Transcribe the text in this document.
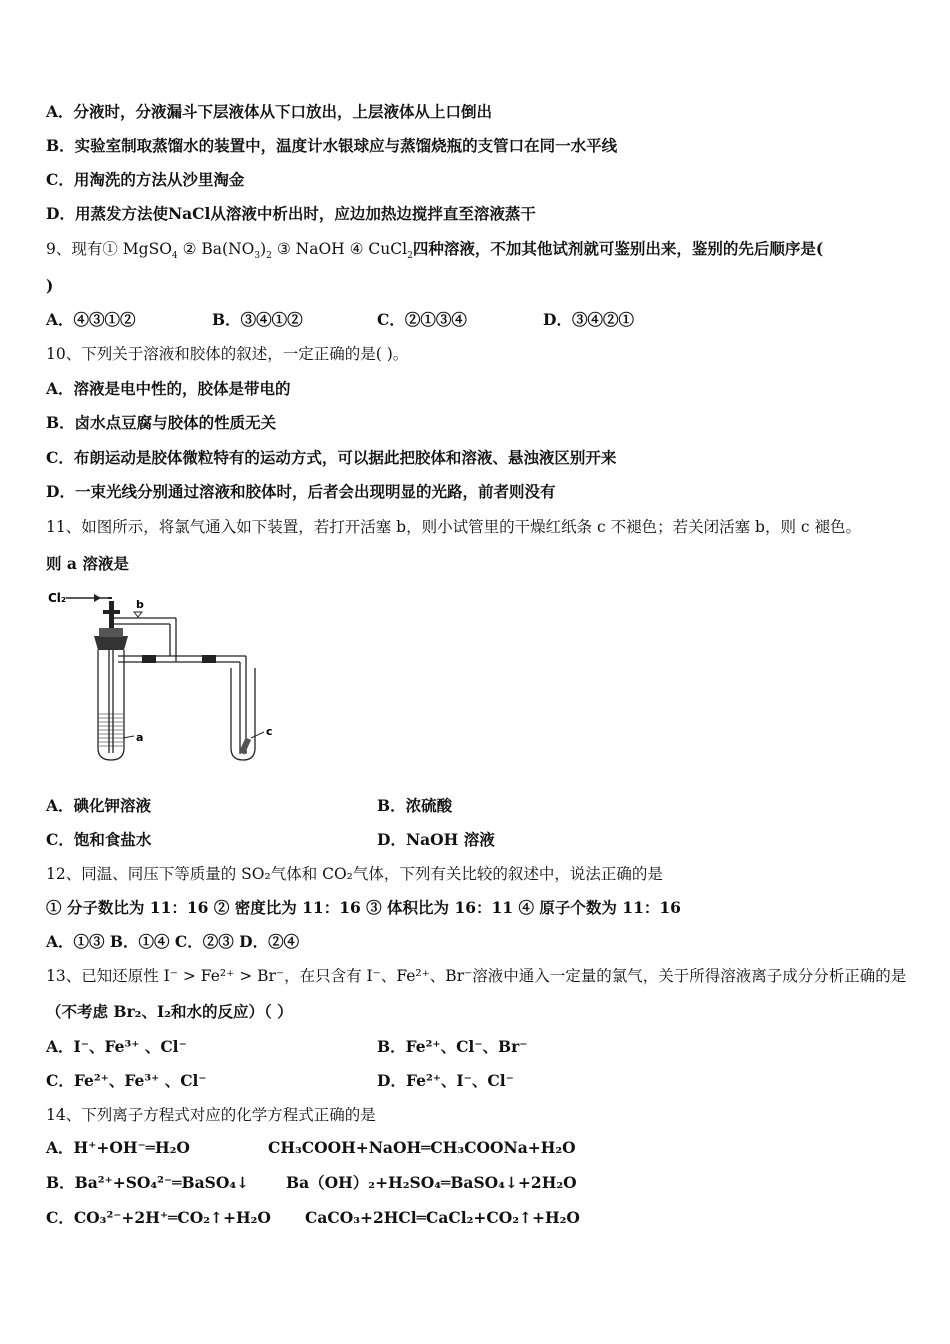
A．分液时，分液漏斗下层液体从下口放出，上层液体从上口倒出
B．实验室制取蒸馏水的装置中，温度计水银球应与蒸馏烧瓶的支管口在同一水平线
C．用淘洗的方法从沙里淘金
D．用蒸发方法使NaCl从溶液中析出时，应边加热边搅拌直至溶液蒸干
9、现有① MgSO$_4$ ② $Ba(NO_3)_2$ ③ NaOH ④ CuCl$_2$四种溶液，不加其他试剂就可鉴别出来，鉴别的先后顺序是(
)
A．④③①②	B．③④①②	C．②①③④	D．③④②①
10、下列关于溶液和胶体的叙述，一定正确的是( )。
A．溶液是电中性的，胶体是带电的
B．卤水点豆腐与胶体的性质无关
C．布朗运动是胶体微粒特有的运动方式，可以据此把胶体和溶液、悬浊液区别开来
D．一束光线分别通过溶液和胶体时，后者会出现明显的光路，前者则没有
11、如图所示，将氯气通入如下装置，若打开活塞 b，则小试管里的干燥红纸条 c 不褪色；若关闭活塞 b，则 c 褪色。
则 a 溶液是
Cl₂	b
a	c
A．碘化钾溶液	B．浓硫酸
C．饱和食盐水	D．NaOH 溶液
12、同温、同压下等质量的 SO₂气体和 CO₂气体，下列有关比较的叙述中，说法正确的是
① 分子数比为 11：16 ② 密度比为 11：16 ③ 体积比为 16：11 ④ 原子个数为 11：16
A．①③ B．①④ C．②③ D．②④
13、已知还原性 I⁻ > Fe²⁺ > Br⁻，在只含有 I⁻、Fe²⁺、Br⁻溶液中通入一定量的氯气，关于所得溶液离子成分分析正确的是
（不考虑 Br₂、I₂和水的反应）（ ）
A．I⁻、Fe³⁺ 、Cl⁻	B．Fe²⁺、Cl⁻、Br⁻
C．Fe²⁺、Fe³⁺ 、Cl⁻	D．Fe²⁺、I⁻、Cl⁻
14、下列离子方程式对应的化学方程式正确的是
A．H⁺+OH⁻═H₂O	CH₃COOH+NaOH═CH₃COONa+H₂O
B．Ba²⁺+SO₄²⁻═BaSO₄↓ Ba（OH）₂+H₂SO₄═BaSO₄↓+2H₂O
C．CO₃²⁻+2H⁺═CO₂↑+H₂O CaCO₃+2HCl═CaCl₂+CO₂↑+H₂O
